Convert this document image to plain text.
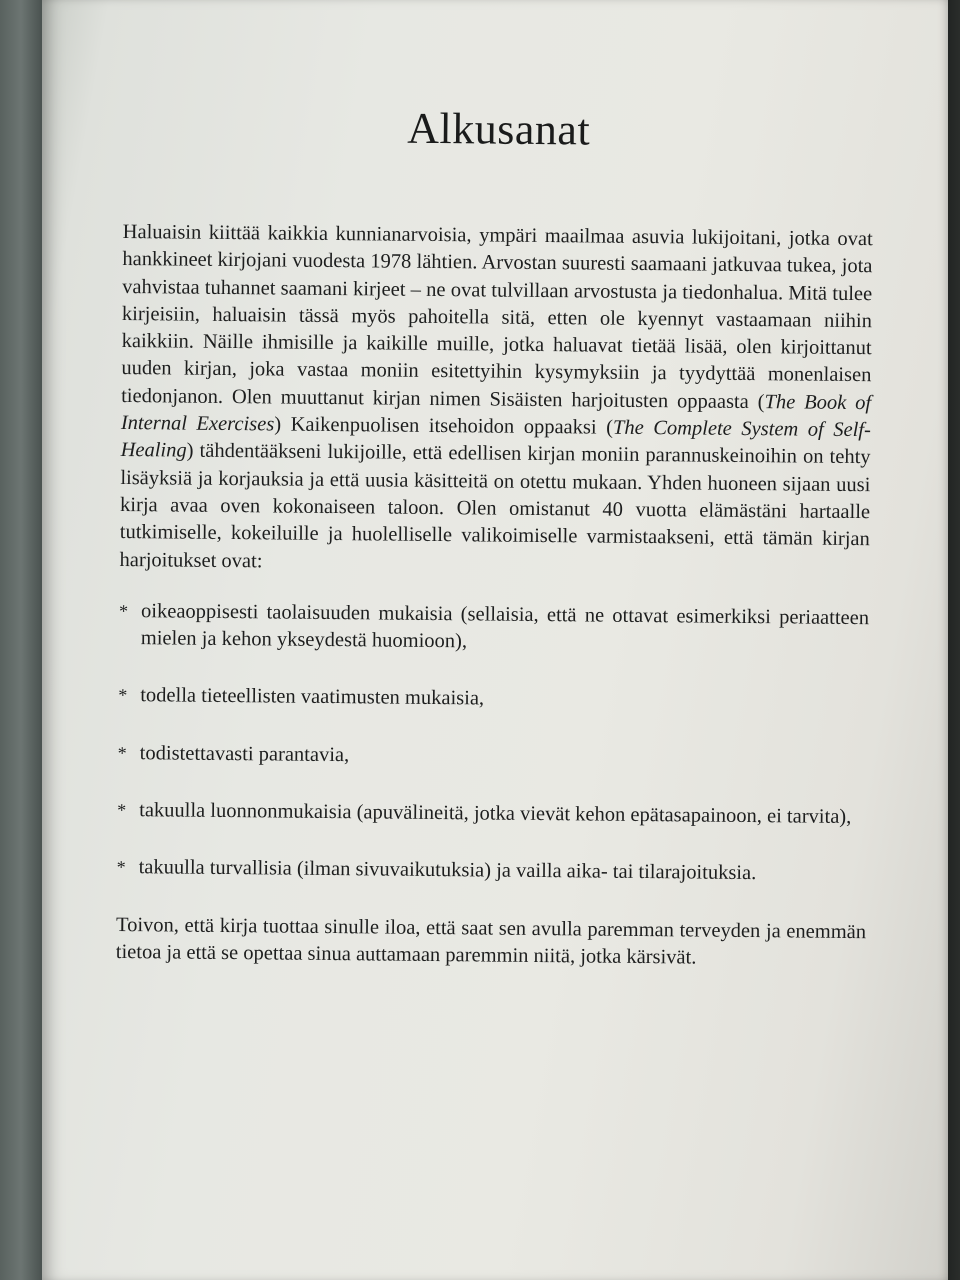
Alkusanat

Haluaisin kiittää kaikkia kunnianarvoisia, ympäri maailmaa asuvia lukijoitani, jotka ovat hankkineet kirjojani vuodesta 1978 lähtien. Arvostan suuresti saamaani jatkuvaa tukea, jota vahvistaa tuhannet saamani kirjeet – ne ovat tulvillaan arvostusta ja tiedonhalua. Mitä tulee kirjeisiin, haluaisin tässä myös pahoitella sitä, etten ole kyennyt vastaamaan niihin kaikkiin. Näille ihmisille ja kaikille muille, jotka haluavat tietää lisää, olen kirjoittanut uuden kirjan, joka vastaa moniin esitettyihin kysymyksiin ja tyydyttää monenlaisen tiedonjanon. Olen muuttanut kirjan nimen Sisäisten harjoitusten oppaasta (The Book of Internal Exercises) Kaikenpuolisen itsehoidon oppaaksi (The Complete System of Self-Healing) tähdentääkseni lukijoille, että edellisen kirjan moniin parannuskeinoihin on tehty lisäyksiä ja korjauksia ja että uusia käsitteitä on otettu mukaan. Yhden huoneen sijaan uusi kirja avaa oven kokonaiseen taloon. Olen omistanut 40 vuotta elämästäni hartaalle tutkimiselle, kokeiluille ja huolelliselle valikoimiselle varmistaakseni, että tämän kirjan harjoitukset ovat:

* oikeaoppisesti taolaisuuden mukaisia (sellaisia, että ne ottavat esimerkiksi periaatteen mielen ja kehon ykseydestä huomioon),
* todella tieteellisten vaatimusten mukaisia,
* todistettavasti parantavia,
* takuulla luonnonmukaisia (apuvälineitä, jotka vievät kehon epätasapainoon, ei tarvita),
* takuulla turvallisia (ilman sivuvaikutuksia) ja vailla aika- tai tilarajoituksia.

Toivon, että kirja tuottaa sinulle iloa, että saat sen avulla paremman terveyden ja enemmän tietoa ja että se opettaa sinua auttamaan paremmin niitä, jotka kärsivät.
